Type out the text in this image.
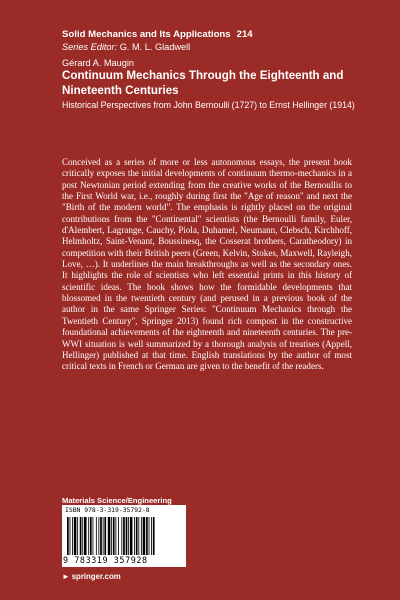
Solid Mechanics and Its Applications 214
Series Editor: G. M. L. Gladwell
Gérard A. Maugin
Continuum Mechanics Through the Eighteenth and Nineteenth Centuries
Historical Perspectives from John Bernoulli (1727) to Ernst Hellinger (1914)

Conceived as a series of more or less autonomous essays, the present book critically exposes the initial developments of continuum thermo-mechanics in a post Newtonian period extending from the creative works of the Bernoullis to the First World war, i.e., roughly during first the "Age of reason" and next the "Birth of the modern world". The emphasis is rightly placed on the original contributions from the "Continental" scientists (the Bernoulli family, Euler, d'Alembert, Lagrange, Cauchy, Piola, Duhamel, Neumann, Clebsch, Kirchhoff, Helmholtz, Saint-Venant, Boussinesq, the Cosserat brothers, Caratheodory) in competition with their British peers (Green, Kelvin, Stokes, Maxwell, Rayleigh, Love, …). It underlines the main breakthroughs as well as the secondary ones. It highlights the role of scientists who left essential prints in this history of scientific ideas. The book shows how the formidable developments that blossomed in the twentieth century (and perused in a previous book of the author in the same Springer Series: "Continuum Mechanics through the Twentieth Century", Springer 2013) found rich compost in the constructive foundational achievements of the eighteenth and nineteenth centuries. The pre-WWI situation is well summarized by a thorough analysis of treatises (Appell, Hellinger) published at that time. English translations by the author of most critical texts in French or German are given to the benefit of the readers.

Materials Science/Engineering
ISBN 978-3-319-35792-8
9 783319 357928
► springer.com
